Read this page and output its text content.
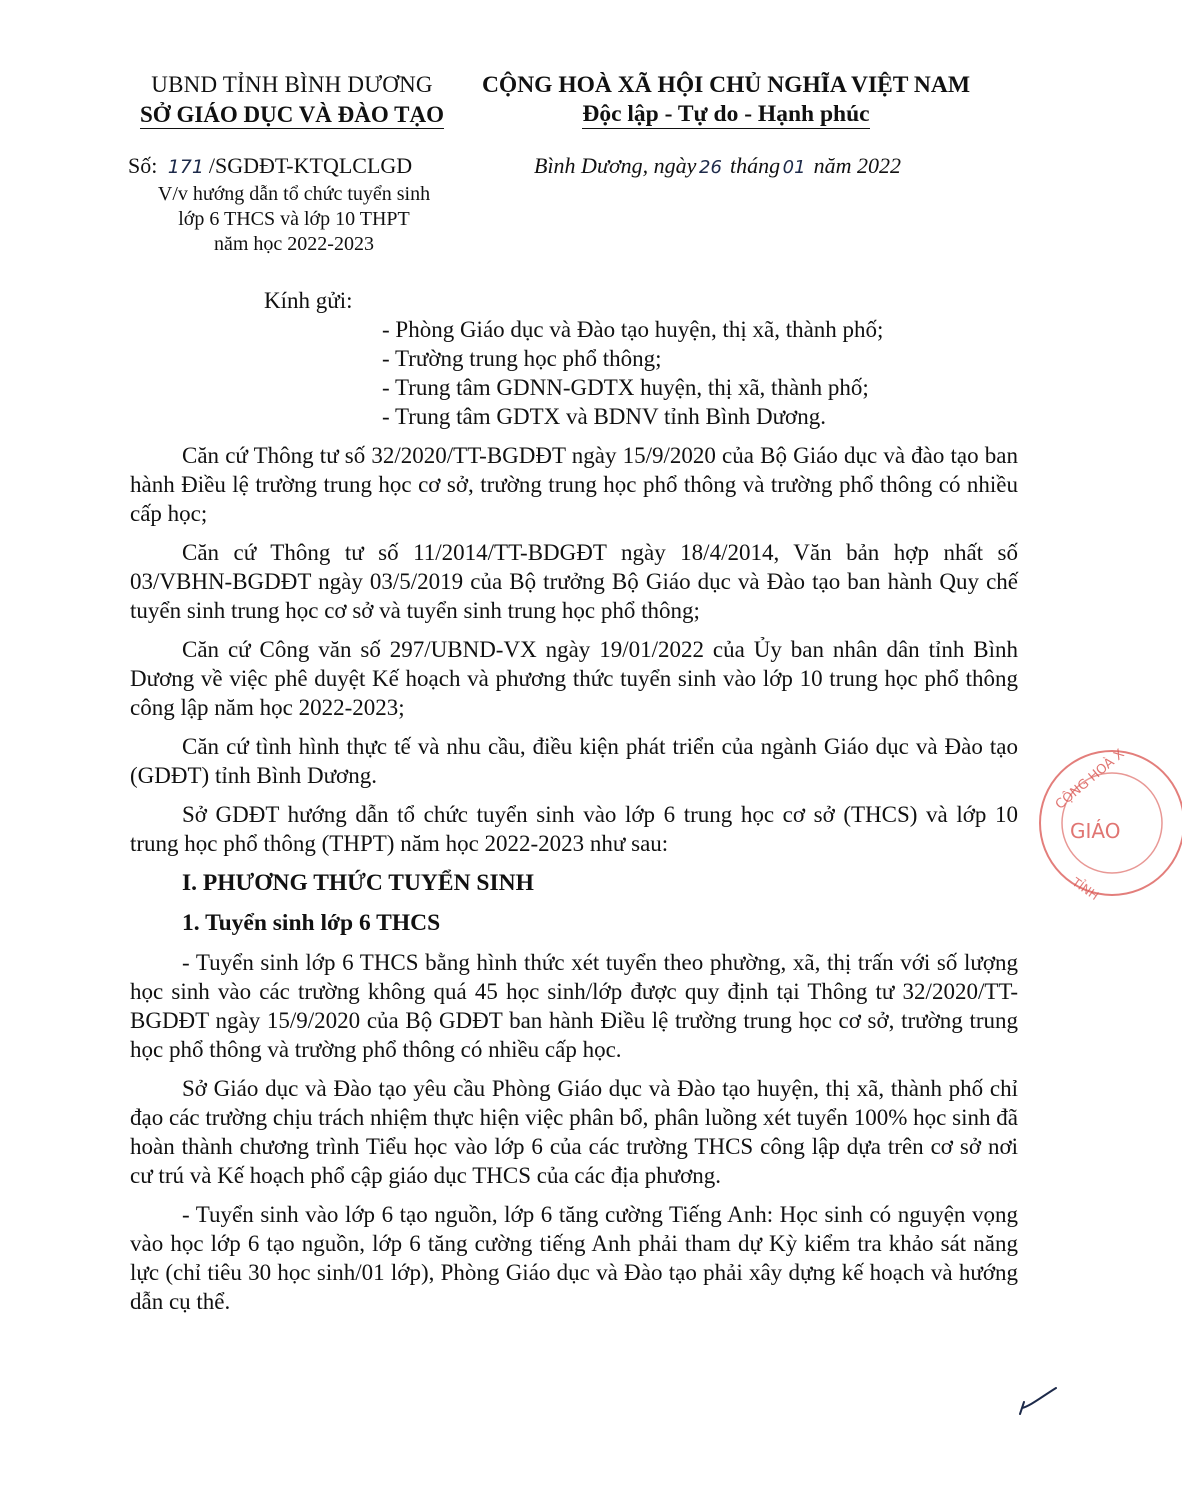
UBND TỈNH BÌNH DƯƠNG
SỞ GIÁO DỤC VÀ ĐÀO TẠO
CỘNG HOÀ XÃ HỘI CHỦ NGHĨA VIỆT NAM
Độc lập - Tự do - Hạnh phúc
Số: 171 /SGDĐT-KTQLCLGD
V/v hướng dẫn tổ chức tuyển sinh
lớp 6 THCS và lớp 10 THPT
năm học 2022-2023
Bình Dương, ngày 26 tháng 01 năm 2022
Kính gửi:
- Phòng Giáo dục và Đào tạo huyện, thị xã, thành phố;
- Trường trung học phổ thông;
- Trung tâm GDNN-GDTX huyện, thị xã, thành phố;
- Trung tâm GDTX và BDNV tỉnh Bình Dương.

Căn cứ Thông tư số 32/2020/TT-BGDĐT ngày 15/9/2020 của Bộ Giáo dục và đào tạo ban hành Điều lệ trường trung học cơ sở, trường trung học phổ thông và trường phổ thông có nhiều cấp học;

Căn cứ Thông tư số 11/2014/TT-BDGĐT ngày 18/4/2014, Văn bản hợp nhất số 03/VBHN-BGDĐT ngày 03/5/2019 của Bộ trưởng Bộ Giáo dục và Đào tạo ban hành Quy chế tuyển sinh trung học cơ sở và tuyển sinh trung học phổ thông;

Căn cứ Công văn số 297/UBND-VX ngày 19/01/2022 của Ủy ban nhân dân tỉnh Bình Dương về việc phê duyệt Kế hoạch và phương thức tuyển sinh vào lớp 10 trung học phổ thông công lập năm học 2022-2023;

Căn cứ tình hình thực tế và nhu cầu, điều kiện phát triển của ngành Giáo dục và Đào tạo (GDĐT) tỉnh Bình Dương.

Sở GDĐT hướng dẫn tổ chức tuyển sinh vào lớp 6 trung học cơ sở (THCS) và lớp 10 trung học phổ thông (THPT) năm học 2022-2023 như sau:

I. PHƯƠNG THỨC TUYỂN SINH
1. Tuyển sinh lớp 6 THCS

- Tuyển sinh lớp 6 THCS bằng hình thức xét tuyển theo phường, xã, thị trấn với số lượng học sinh vào các trường không quá 45 học sinh/lớp được quy định tại Thông tư 32/2020/TT-BGDĐT ngày 15/9/2020 của Bộ GDĐT ban hành Điều lệ trường trung học cơ sở, trường trung học phổ thông và trường phổ thông có nhiều cấp học.

Sở Giáo dục và Đào tạo yêu cầu Phòng Giáo dục và Đào tạo huyện, thị xã, thành phố chỉ đạo các trường chịu trách nhiệm thực hiện việc phân bổ, phân luồng xét tuyển 100% học sinh đã hoàn thành chương trình Tiểu học vào lớp 6 của các trường THCS công lập dựa trên cơ sở nơi cư trú và Kế hoạch phổ cập giáo dục THCS của các địa phương.

- Tuyển sinh vào lớp 6 tạo nguồn, lớp 6 tăng cường Tiếng Anh: Học sinh có nguyện vọng vào học lớp 6 tạo nguồn, lớp 6 tăng cường tiếng Anh phải tham dự Kỳ kiểm tra khảo sát năng lực (chỉ tiêu 30 học sinh/01 lớp), Phòng Giáo dục và Đào tạo phải xây dựng kế hoạch và hướng dẫn cụ thể.

CỘNG HOÀ X
GIÁO
TỈNH
